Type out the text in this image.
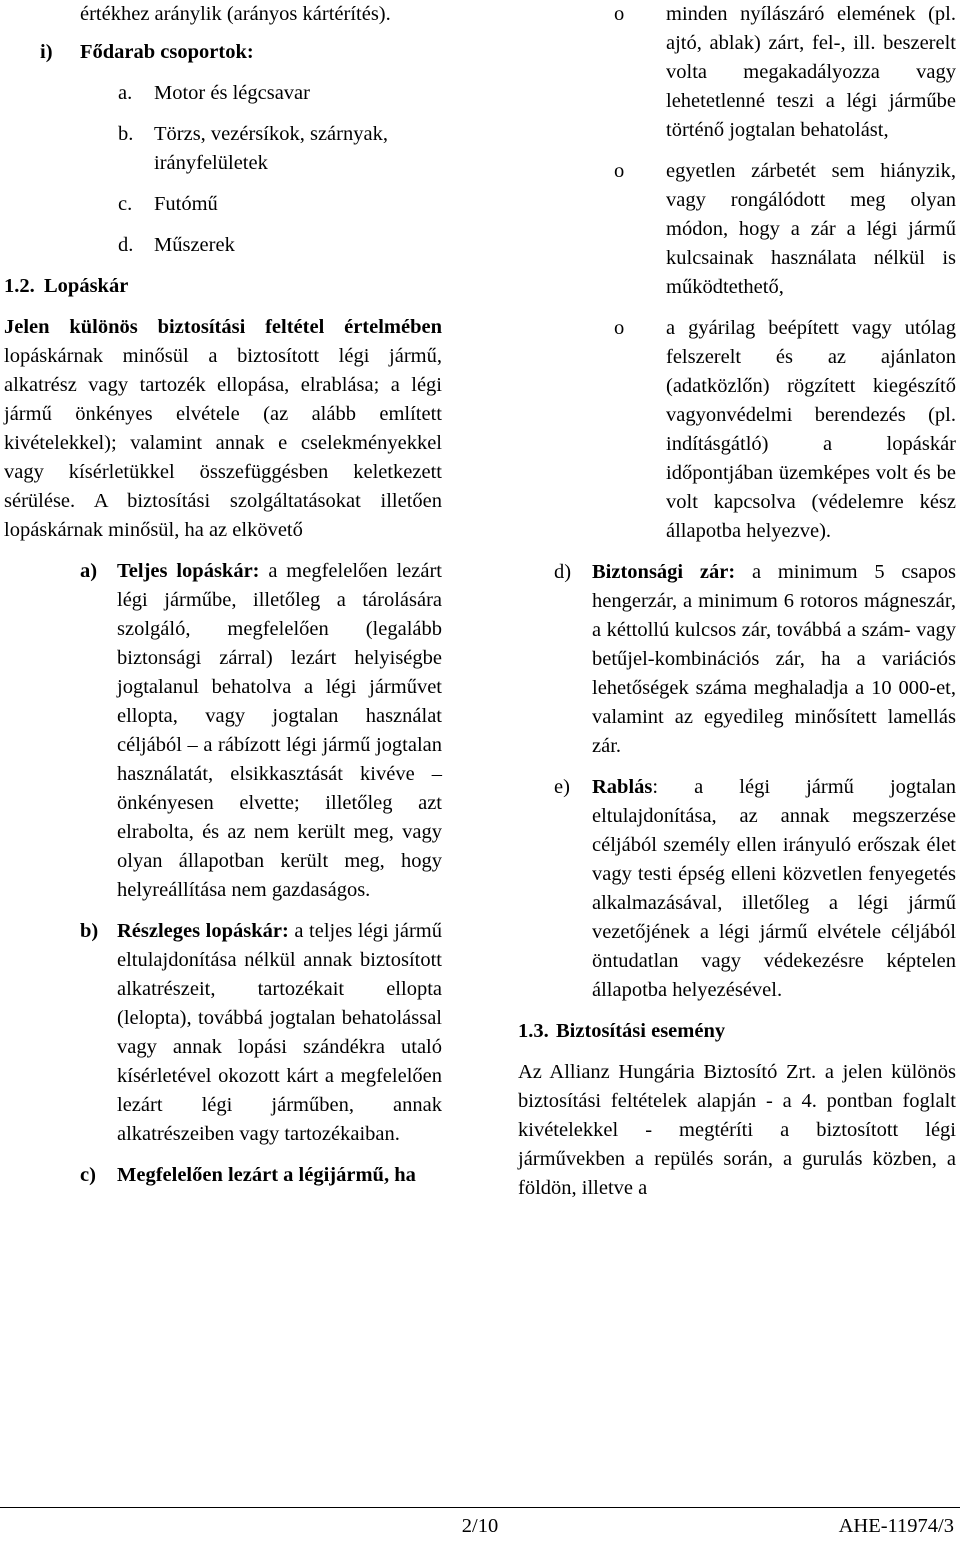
értékhez aránylik (arányos kártérítés).

i) Fődarab csoportok:
a. Motor és légcsavar
b. Törzs, vezérsíkok, szárnyak, irányfelületek
c. Futómű
d. Műszerek
1.2. Lopáskár

Jelen különös biztosítási feltétel értelmében lopáskárnak minősül a biztosított légi jármű, alkatrész vagy tartozék ellopása, elrablása; a légi jármű önkényes elvétele (az alább említett kivételekkel); valamint annak e cselekményekkel vagy kísérletükkel összefüggésben keletkezett sérülése. A biztosítási szolgáltatásokat illetően lopáskárnak minősül, ha az elkövető

a) Teljes lopáskár: a megfelelően lezárt légi járműbe, illetőleg a tárolására szolgáló, megfelelően (legalább biztonsági zárral) lezárt helyiségbe jogtalanul behatolva a légi járművet ellopta, vagy jogtalan használat céljából – a rábízott légi jármű jogtalan használatát, elsikkasztását kivéve – önkényesen elvette; illetőleg azt elrabolta, és az nem került meg, vagy olyan állapotban került meg, hogy helyreállítása nem gazdaságos.
b) Részleges lopáskár: a teljes légi jármű eltulajdonítása nélkül annak biztosított alkatrészeit, tartozékait ellopta (lelopta), továbbá jogtalan behatolással vagy annak lopási szándékra utaló kísérletével okozott kárt a megfelelően lezárt légi járműben, annak alkatrészeiben vagy tartozékaiban.
c) Megfelelően lezárt a légijármű, ha
o minden nyílászáró elemének (pl. ajtó, ablak) zárt, fel-, ill. beszerelt volta megakadályozza vagy lehetetlenné teszi a légi járműbe történő jogtalan behatolást,
o egyetlen zárbetét sem hiányzik, vagy rongálódott meg olyan módon, hogy a zár a légi jármű kulcsainak használata nélkül is működtethető,
o a gyárilag beépített vagy utólag felszerelt és az ajánlaton (adatközlőn) rögzített kiegészítő vagyonvédelmi berendezés (pl. indításgátló) a lopáskár időpontjában üzemképes volt és be volt kapcsolva (védelemre kész állapotba helyezve).
d) Biztonsági zár: a minimum 5 csapos hengerzár, a minimum 6 rotoros mágneszár, a kéttollú kulcsos zár, továbbá a szám- vagy betűjel-kombinációs zár, ha a variációs lehetőségek száma meghaladja a 10 000-et, valamint az egyedileg minősített lamellás zár.
e) Rablás: a légi jármű jogtalan eltulajdonítása, az annak megszerzése céljából személy ellen irányuló erőszak élet vagy testi épség elleni közvetlen fenyegetés alkalmazásával, illetőleg a légi jármű vezetőjének a légi jármű elvétele céljából öntudatlan vagy védekezésre képtelen állapotba helyezésével.
1.3. Biztosítási esemény

Az Allianz Hungária Biztosító Zrt. a jelen különös biztosítási feltételek alapján - a 4. pontban foglalt kivételekkel - megtéríti a biztosított légi járművekben a repülés során, a gurulás közben, a földön, illetve a

2/10	AHE-11974/3
